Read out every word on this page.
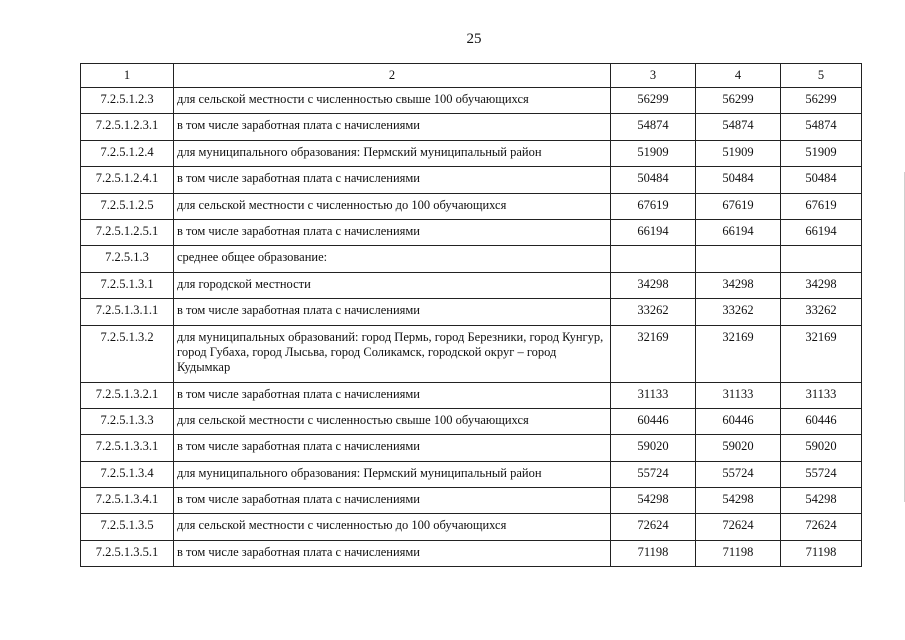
25
1	2	3	4	5
7.2.5.1.2.3	для сельской местности с численностью свыше 100 обучающихся	56299	56299	56299
7.2.5.1.2.3.1	в том числе заработная плата с начислениями	54874	54874	54874
7.2.5.1.2.4	для муниципального образования: Пермский муниципальный район	51909	51909	51909
7.2.5.1.2.4.1	в том числе заработная плата с начислениями	50484	50484	50484
7.2.5.1.2.5	для сельской местности с численностью до 100 обучающихся	67619	67619	67619
7.2.5.1.2.5.1	в том числе заработная плата с начислениями	66194	66194	66194
7.2.5.1.3	среднее общее образование:			
7.2.5.1.3.1	для городской местности	34298	34298	34298
7.2.5.1.3.1.1	в том числе заработная плата с начислениями	33262	33262	33262
7.2.5.1.3.2	для муниципальных образований: город Пермь, город Березники, город Кунгур, город Губаха, город Лысьва, город Соликамск, городской округ – город Кудымкар	32169	32169	32169
7.2.5.1.3.2.1	в том числе заработная плата с начислениями	31133	31133	31133
7.2.5.1.3.3	для сельской местности с численностью свыше 100 обучающихся	60446	60446	60446
7.2.5.1.3.3.1	в том числе заработная плата с начислениями	59020	59020	59020
7.2.5.1.3.4	для муниципального образования: Пермский муниципальный район	55724	55724	55724
7.2.5.1.3.4.1	в том числе заработная плата с начислениями	54298	54298	54298
7.2.5.1.3.5	для сельской местности с численностью до 100 обучающихся	72624	72624	72624
7.2.5.1.3.5.1	в том числе заработная плата с начислениями	71198	71198	71198
